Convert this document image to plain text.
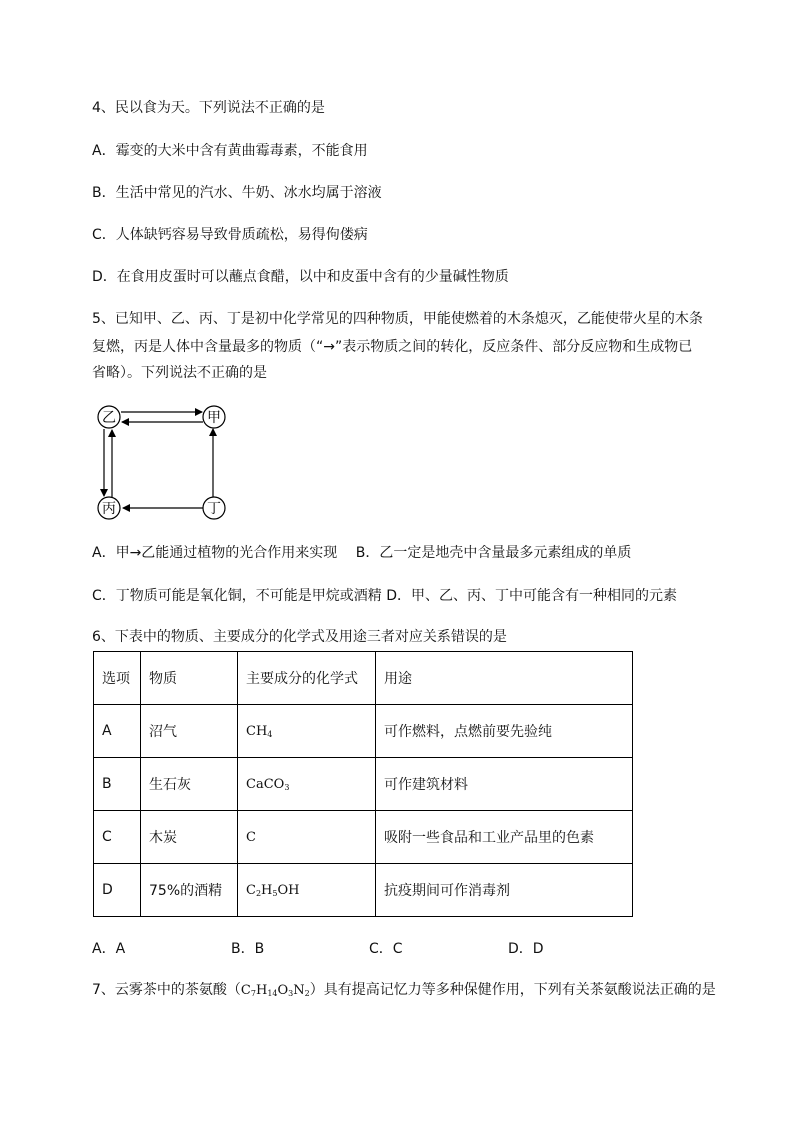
4、民以食为天。下列说法不正确的是
A．霉变的大米中含有黄曲霉毒素，不能食用
B．生活中常见的汽水、牛奶、冰水均属于溶液
C．人体缺钙容易导致骨质疏松，易得佝偻病
D．在食用皮蛋时可以蘸点食醋，以中和皮蛋中含有的少量碱性物质
5、已知甲、乙、丙、丁是初中化学常见的四种物质，甲能使燃着的木条熄灭，乙能使带火星的木条
复燃，丙是人体中含量最多的物质（“→”表示物质之间的转化，反应条件、部分反应物和生成物已
省略）。下列说法不正确的是
乙	甲
丙	丁
A．甲→乙能通过植物的光合作用来实现　 B．乙一定是地壳中含量最多元素组成的单质
C．丁物质可能是氧化铜，不可能是甲烷或酒精 D．甲、乙、丙、丁中可能含有一种相同的元素
6、下表中的物质、主要成分的化学式及用途三者对应关系错误的是
选项	物质	主要成分的化学式	用途
A	沼气	$CH_4$	可作燃料，点燃前要先验纯
B	生石灰	CaCO$_3$	可作建筑材料
C	木炭	C	吸附一些食品和工业产品里的色素
D	75%的酒精	$C_2H_5OH$	抗疫期间可作消毒剂
A．A	B．B	C．C	D．D
7、云雾茶中的茶氨酸$(C_7H_{14}O_3N_2)$具有提高记忆力等多种保健作用，下列有关茶氨酸说法正确的是
